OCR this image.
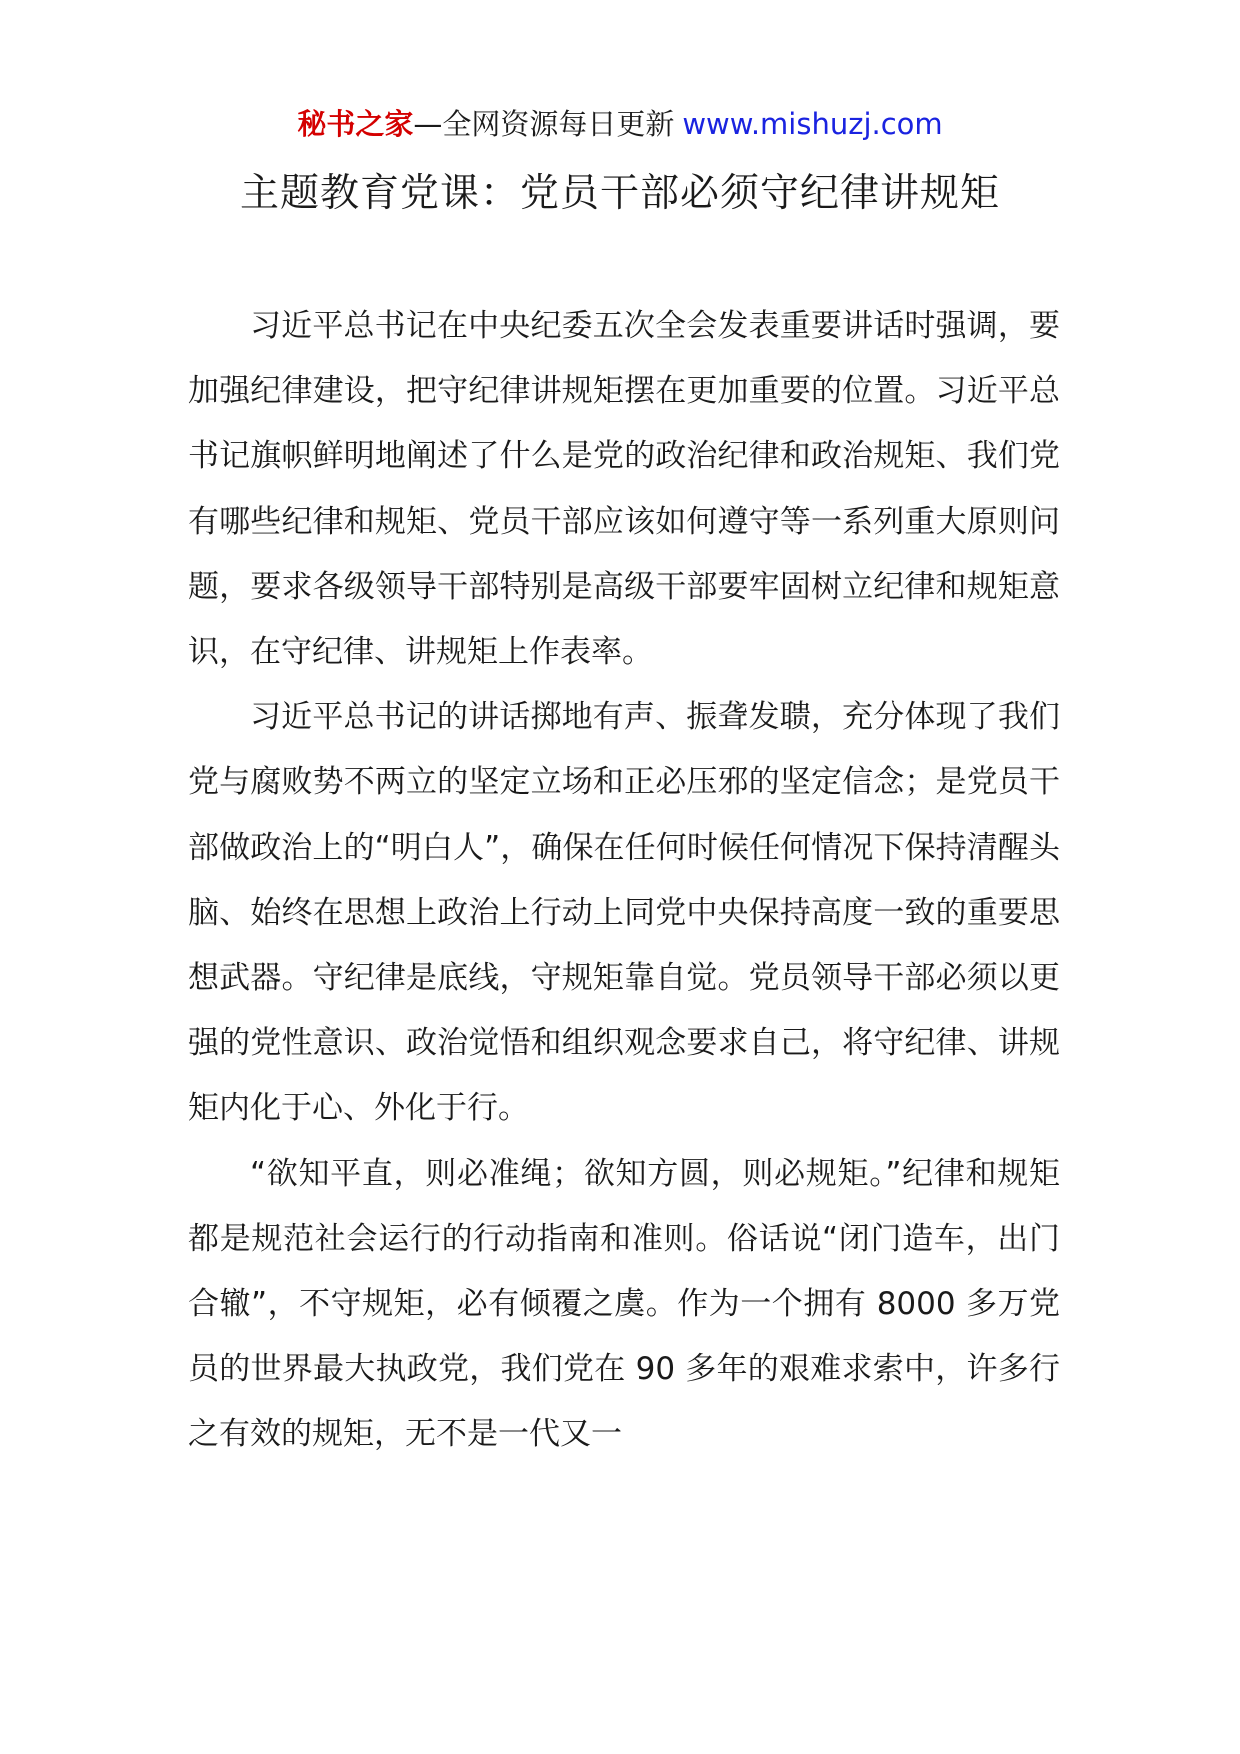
秘书之家—全网资源每日更新 www.mishuzj.com
主题教育党课：党员干部必须守纪律讲规矩

习近平总书记在中央纪委五次全会发表重要讲话时强调，要加强纪律建设，把守纪律讲规矩摆在更加重要的位置。习近平总书记旗帜鲜明地阐述了什么是党的政治纪律和政治规矩、我们党有哪些纪律和规矩、党员干部应该如何遵守等一系列重大原则问题，要求各级领导干部特别是高级干部要牢固树立纪律和规矩意识，在守纪律、讲规矩上作表率。

习近平总书记的讲话掷地有声、振聋发聩，充分体现了我们党与腐败势不两立的坚定立场和正必压邪的坚定信念；是党员干部做政治上的“明白人”，确保在任何时候任何情况下保持清醒头脑、始终在思想上政治上行动上同党中央保持高度一致的重要思想武器。守纪律是底线，守规矩靠自觉。党员领导干部必须以更强的党性意识、政治觉悟和组织观念要求自己，将守纪律、讲规矩内化于心、外化于行。

“欲知平直，则必准绳；欲知方圆，则必规矩。”纪律和规矩都是规范社会运行的行动指南和准则。俗话说“闭门造车，出门合辙”，不守规矩，必有倾覆之虞。作为一个拥有 8000 多万党员的世界最大执政党，我们党在 90 多年的艰难求索中，许多行之有效的规矩，无不是一代又一
